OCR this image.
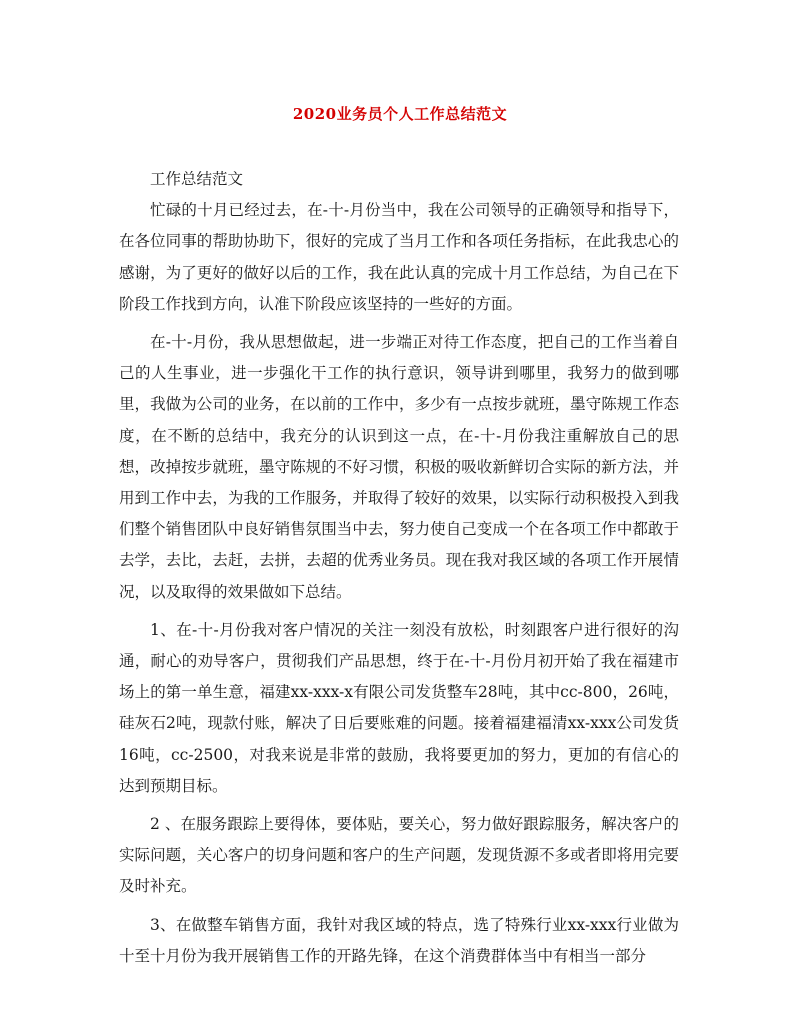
2020业务员个人工作总结范文

工作总结范文

忙碌的十月已经过去，在-十-月份当中，我在公司领导的正确领导和指导下，在各位同事的帮助协助下，很好的完成了当月工作和各项任务指标，在此我忠心的感谢，为了更好的做好以后的工作，我在此认真的完成十月工作总结，为自己在下阶段工作找到方向，认准下阶段应该坚持的一些好的方面。

在-十-月份，我从思想做起，进一步端正对待工作态度，把自己的工作当着自己的人生事业，进一步强化干工作的执行意识，领导讲到哪里，我努力的做到哪里，我做为公司的业务，在以前的工作中，多少有一点按步就班，墨守陈规工作态度，在不断的总结中，我充分的认识到这一点，在-十-月份我注重解放自己的思想，改掉按步就班，墨守陈规的不好习惯，积极的吸收新鲜切合实际的新方法，并用到工作中去，为我的工作服务，并取得了较好的效果，以实际行动积极投入到我们整个销售团队中良好销售氛围当中去，努力使自己变成一个在各项工作中都敢于去学，去比，去赶，去拼，去超的优秀业务员。现在我对我区域的各项工作开展情况，以及取得的效果做如下总结。

1、在-十-月份我对客户情况的关注一刻没有放松，时刻跟客户进行很好的沟通，耐心的劝导客户，贯彻我们产品思想，终于在-十-月份月初开始了我在福建市场上的第一单生意，福建xx-xxx-x有限公司发货整车28吨，其中cc-800，26吨，硅灰石2吨，现款付账，解决了日后要账难的问题。接着福建福清xx-xxx公司发货16吨，cc-2500，对我来说是非常的鼓励，我将要更加的努力，更加的有信心的达到预期目标。

2 、在服务跟踪上要得体，要体贴，要关心，努力做好跟踪服务，解决客户的实际问题，关心客户的切身问题和客户的生产问题，发现货源不多或者即将用完要及时补充。

3、在做整车销售方面，我针对我区域的特点，选了特殊行业xx-xxx行业做为十至十月份为我开展销售工作的开路先锋，在这个消费群体当中有相当一部分
